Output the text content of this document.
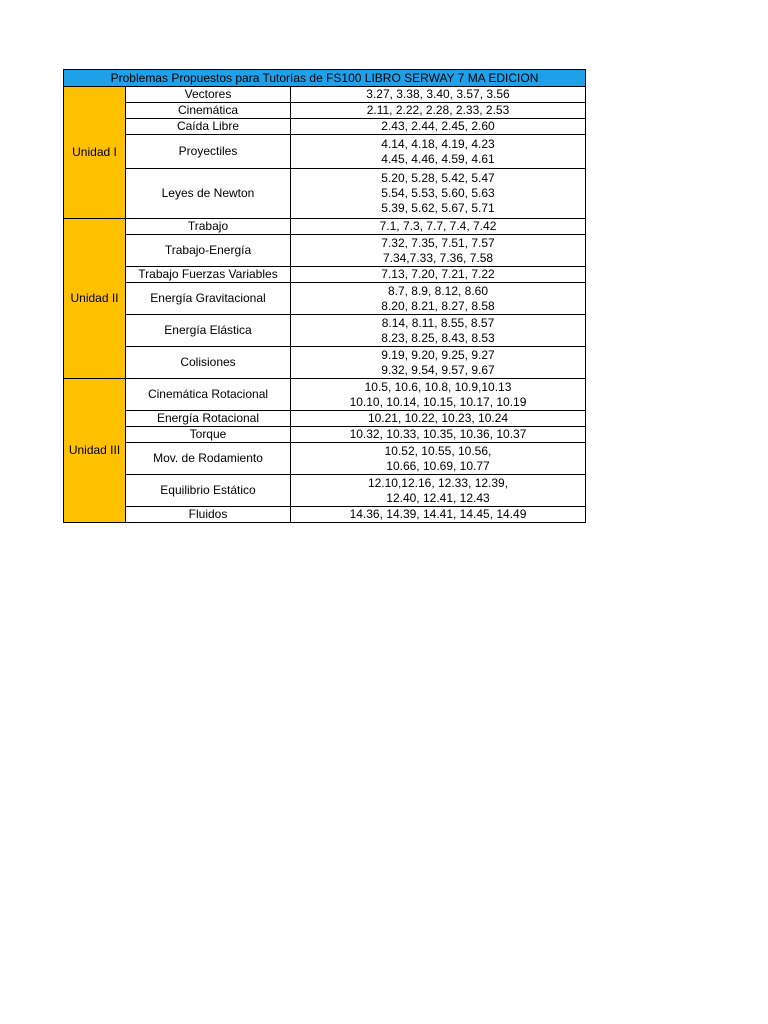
Problemas Propuestos para Tutorías de FS100 LIBRO SERWAY 7 MA EDICION		
Unidad I	Vectores	3.27, 3.38, 3.40, 3.57, 3.56

	Cinemática	2.11, 2.22, 2.28, 2.33, 2.53

	Caída Libre	2.43, 2.44, 2.45, 2.60

	Proyectiles	4.14, 4.18, 4.19, 4.23
4.45, 4.46, 4.59, 4.61

	Leyes de Newton	5.20, 5.28, 5.42, 5.47
5.54, 5.53, 5.60, 5.63
5.39, 5.62, 5.67, 5.71

Unidad II	Trabajo	7.1, 7.3, 7.7, 7.4, 7.42

	Trabajo-Energía	7.32, 7.35, 7.51, 7.57
7.34,7.33, 7.36, 7.58

	Trabajo Fuerzas Variables	7.13, 7.20, 7.21, 7.22

	Energía Gravitacional	8.7, 8.9, 8.12, 8.60
8.20, 8.21, 8.27, 8.58

	Energía Elástica	8.14, 8.11, 8.55, 8.57
8.23, 8.25, 8.43, 8.53

	Colisiones	9.19, 9.20, 9.25, 9.27
9.32, 9.54, 9.57, 9.67

Unidad III	Cinemática Rotacional	10.5, 10.6, 10.8, 10.9,10.13
10.10, 10.14, 10.15, 10.17, 10.19

	Energía Rotacional	10.21, 10.22, 10.23, 10.24

	Torque	10.32, 10.33, 10.35, 10.36, 10.37

	Mov. de Rodamiento	10.52, 10.55, 10.56,
10.66, 10.69, 10.77

	Equilibrio Estático	12.10,12.16, 12.33, 12.39,
12.40, 12.41, 12.43

	Fluidos	14.36, 14.39, 14.41, 14.45, 14.49
